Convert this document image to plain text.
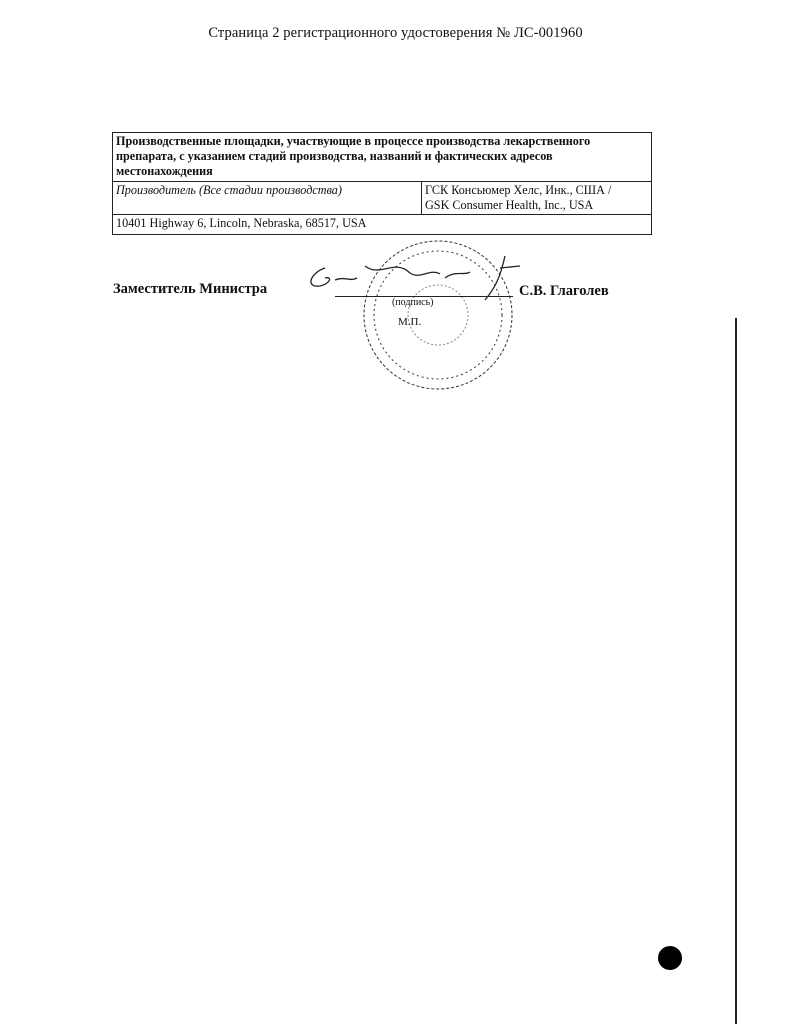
Страница 2 регистрационного удостоверения № ЛС-001960
Производственные площадки, участвующие в процессе производства лекарственного препарата, с указанием стадий производства, названий и фактических адресов местонахождения
Производитель (Все стадии производства)	ГСК Консьюмер Хелс, Инк., США /
GSK Consumer Health, Inc., USA

10401 Highway 6, Lincoln, Nebraska, 68517, USA
Заместитель Министра
(подпись)
М.П.
С.В. Глаголев
